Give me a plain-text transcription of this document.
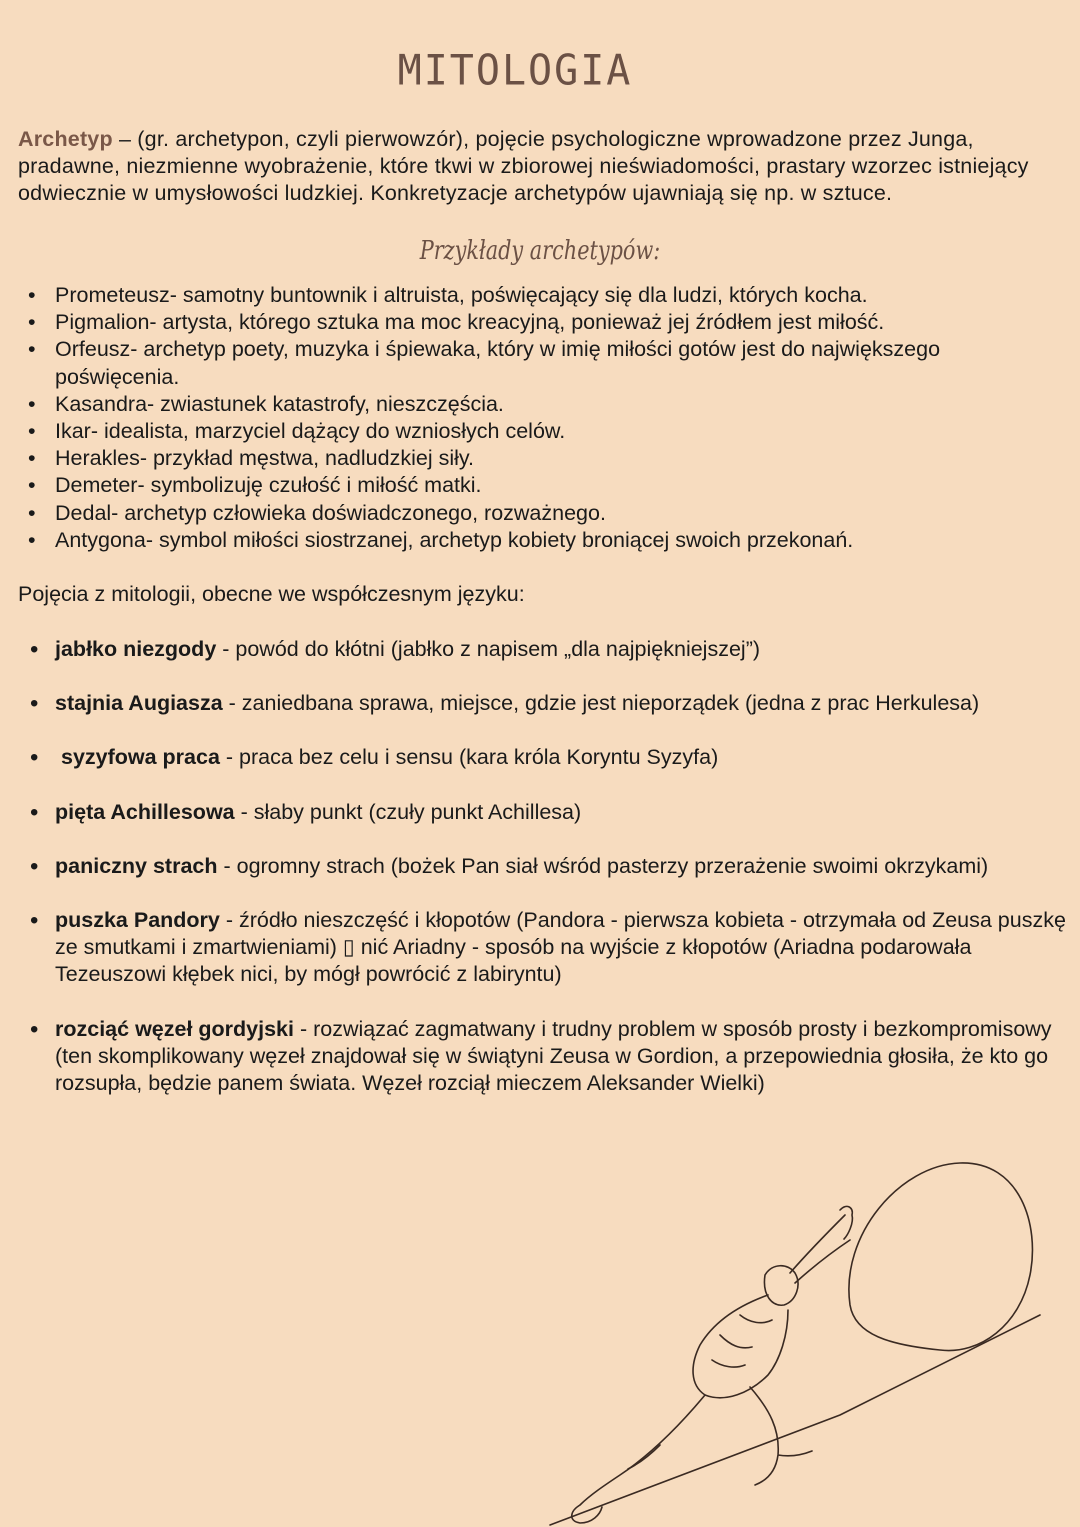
MITOLOGIA

Archetyp – (gr. archetypon, czyli pierwowzór), pojęcie psychologiczne wprowadzone przez Junga, pradawne, niezmienne wyobrażenie, które tkwi w zbiorowej nieświadomości, prastary wzorzec istniejący odwiecznie w umysłowości ludzkiej. Konkretyzacje archetypów ujawniają się np. w sztuce.

Przykłady archetypów:
• Prometeusz- samotny buntownik i altruista, poświęcający się dla ludzi, których kocha.
• Pigmalion- artysta, którego sztuka ma moc kreacyjną, ponieważ jej źródłem jest miłość.
• Orfeusz- archetyp poety, muzyka i śpiewaka, który w imię miłości gotów jest do największego poświęcenia.
• Kasandra- zwiastunek katastrofy, nieszczęścia.
• Ikar- idealista, marzyciel dążący do wzniosłych celów.
• Herakles- przykład męstwa, nadludzkiej siły.
• Demeter- symbolizuję czułość i miłość matki.
• Dedal- archetyp człowieka doświadczonego, rozważnego.
• Antygona- symbol miłości siostrzanej, archetyp kobiety broniącej swoich przekonań.
Pojęcia z mitologii, obecne we współczesnym języku:
• jabłko niezgody - powód do kłótni (jabłko z napisem „dla najpiękniejszej”)
• stajnia Augiasza - zaniedbana sprawa, miejsce, gdzie jest nieporządek (jedna z prac Herkulesa)
• syzyfowa praca - praca bez celu i sensu (kara króla Koryntu Syzyfa)
• pięta Achillesowa - słaby punkt (czuły punkt Achillesa)
• paniczny strach - ogromny strach (bożek Pan siał wśród pasterzy przerażenie swoimi okrzykami)
• puszka Pandory - źródło nieszczęść i kłopotów (Pandora - pierwsza kobieta - otrzymała od Zeusa puszkę ze smutkami i zmartwieniami) ▯ nić Ariadny - sposób na wyjście z kłopotów (Ariadna podarowała Tezeuszowi kłębek nici, by mógł powrócić z labiryntu)
• rozciąć węzeł gordyjski - rozwiązać zagmatwany i trudny problem w sposób prosty i bezkompromisowy (ten skomplikowany węzeł znajdował się w świątyni Zeusa w Gordion, a przepowiednia głosiła, że kto go rozsupła, będzie panem świata. Węzeł rozciął mieczem Aleksander Wielki)
